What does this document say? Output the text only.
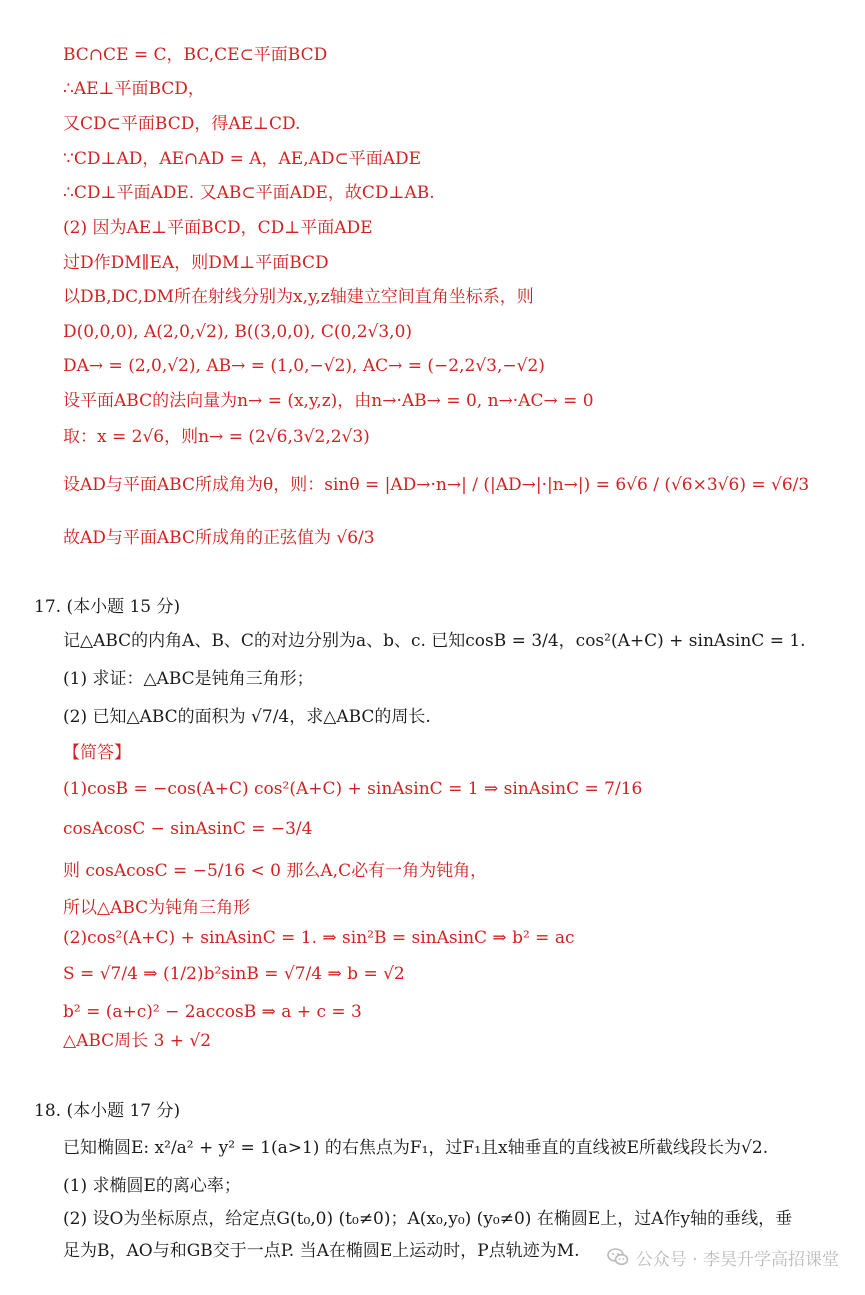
BC∩CE = C，BC,CE⊂平面BCD
∴AE⊥平面BCD，
又CD⊂平面BCD，得AE⊥CD.
∵CD⊥AD，AE∩AD = A，AE,AD⊂平面ADE
∴CD⊥平面ADE. 又AB⊂平面ADE，故CD⊥AB.
(2) 因为AE⊥平面BCD，CD⊥平面ADE
过D作DM∥EA，则DM⊥平面BCD
以DB,DC,DM所在射线分别为x,y,z轴建立空间直角坐标系，则
D(0,0,0), A(2,0,√2), B((3,0,0), C(0,2√3,0)
DA→ = (2,0,√2), AB→ = (1,0,−√2), AC→ = (−2,2√3,−√2)
设平面ABC的法向量为n→ = (x,y,z)，由n→·AB→ = 0, n→·AC→ = 0
取：x = 2√6，则n→ = (2√6,3√2,2√3)
设AD与平面ABC所成角为θ，则：sinθ = |AD→·n→| / (|AD→|·|n→|) = 6√6 / (√6×3√6) = √6/3
故AD与平面ABC所成角的正弦值为 √6/3
17. (本小题 15 分)
记△ABC的内角A、B、C的对边分别为a、b、c. 已知cosB = 3/4，cos²(A+C) + sinAsinC = 1.
(1) 求证：△ABC是钝角三角形；
(2) 已知△ABC的面积为 √7/4，求△ABC的周长.
【简答】
(1)cosB = −cos(A+C) cos²(A+C) + sinAsinC = 1 ⇒ sinAsinC = 7/16
cosAcosC − sinAsinC = −3/4
则 cosAcosC = −5/16 < 0 那么A,C必有一角为钝角，
所以△ABC为钝角三角形
(2)cos²(A+C) + sinAsinC = 1. ⇒ sin²B = sinAsinC ⇒ b² = ac
S = √7/4 ⇒ (1/2)b²sinB = √7/4 ⇒ b = √2
b² = (a+c)² − 2accosB ⇒ a + c = 3
△ABC周长 3 + √2
18. (本小题 17 分)
已知椭圆E: x²/a² + y² = 1(a>1) 的右焦点为F₁，过F₁且x轴垂直的直线被E所截线段长为√2.
(1) 求椭圆E的离心率；
(2) 设O为坐标原点，给定点G(t₀,0) (t₀≠0)；A(x₀,y₀) (y₀≠0) 在椭圆E上，过A作y轴的垂线，垂
足为B，AO与和GB交于一点P. 当A在椭圆E上运动时，P点轨迹为M.	公众号 · 李昊升学高招课堂
